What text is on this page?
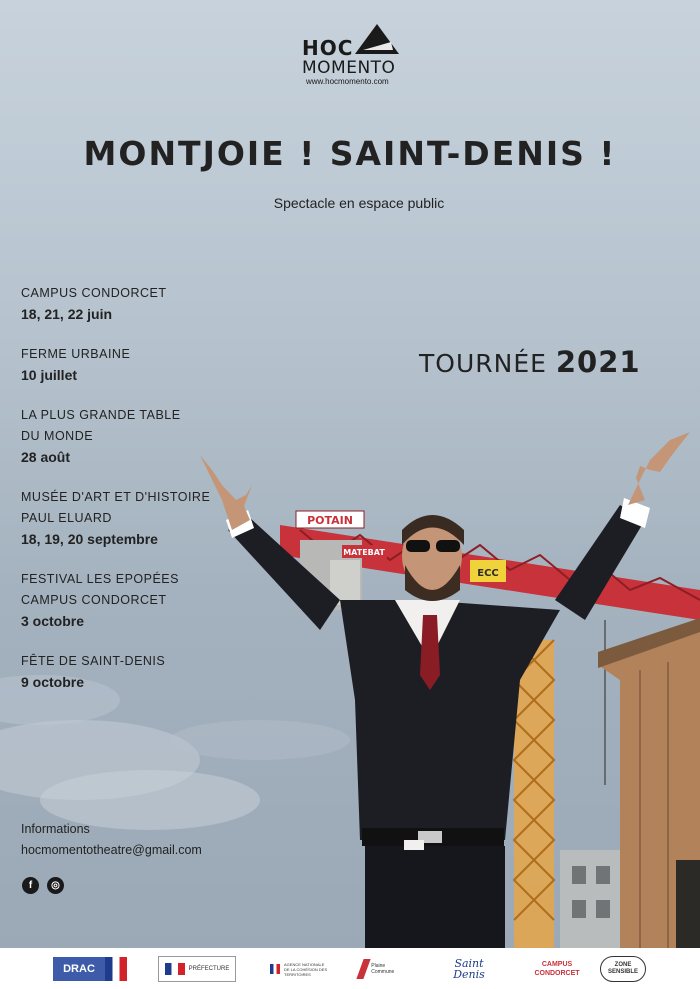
POTAIN
MATEBAT
ECC
HOC
MOMENTO
www.hocmomento.com
MONTJOIE ! SAINT-DENIS !
Spectacle en espace public
TOURNÉE 2021
CAMPUS CONDORCET
18, 21, 22 juin
FERME URBAINE
10 juillet
LA PLUS GRANDE TABLE
DU MONDE
28 août
MUSÉE D'ART ET D'HISTOIRE
PAUL ELUARD
18, 19, 20 septembre
FESTIVAL LES EPOPÉES
CAMPUS CONDORCET
3 octobre
FÊTE DE SAINT-DENIS
9 octobre
Informations
hocmomentotheatre@gmail.com
f	◎
DRAC	PRÉFECTURE
AGENCE NATIONALE DE LA COHÉSION DES TERRITOIRES
Plaine Commune
Saint
Denis
CAMPUS
CONDORCET
ZONE
SENSIBLE
